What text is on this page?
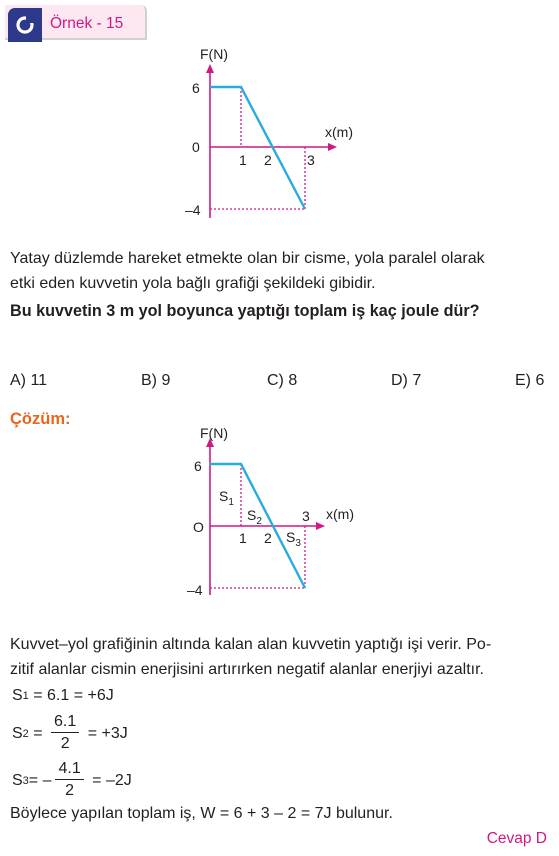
Örnek - 15
F(N)
x(m)
6
0
–4
1 2	3
Yatay düzlemde hareket etmekte olan bir cisme, yola paralel olarak
etki eden kuvvetin yola bağlı grafiği şekildeki gibidir.
Bu kuvvetin 3 m yol boyunca yaptığı toplam iş kaç joule dür?
A) 11	B) 9	C) 8	D) 7	E) 6
Çözüm:
F(N)
x(m)
O
6
–4
1 2
3
$S_1$
$S_2$
$S_3$
Kuvvet–yol grafiğinin altında kalan alan kuvvetin yaptığı işi verir. Po-
zitif alanlar cismin enerjisini artırırken negatif alanlar enerjiyi azaltır.
S 1 = 6.1 = +6J
S $2 = \frac{6.1}{2} = +3J$
S 3 = – $\frac{4.1}{2} = -2J$
Böylece yapılan toplam iş, W = 6 + 3 – 2 = 7J bulunur.
Cevap D
